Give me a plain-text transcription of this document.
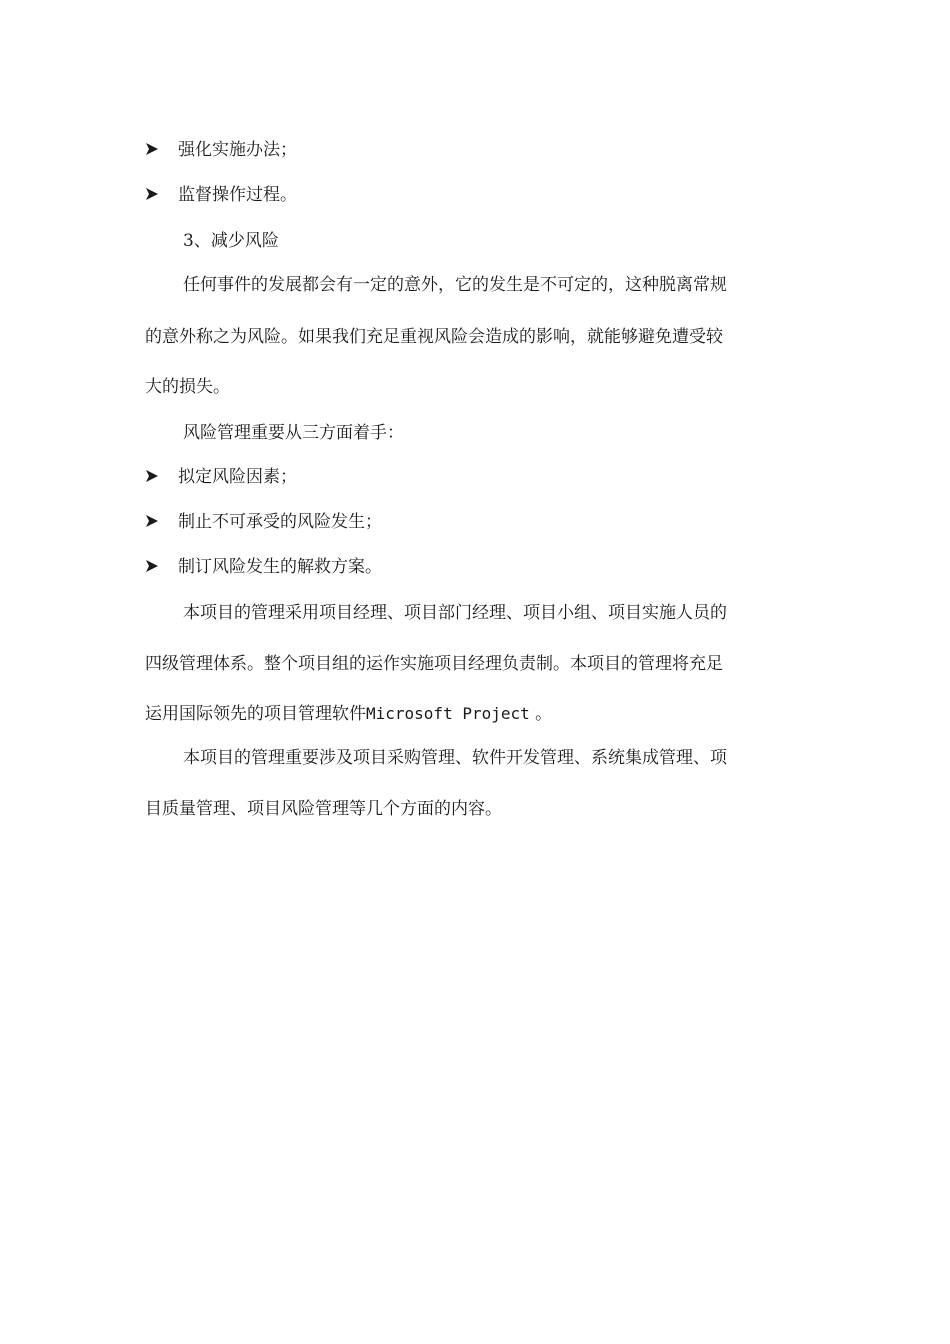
强化实施办法；
监督操作过程。
3、减少风险
任何事件的发展都会有一定的意外，它的发生是不可定的，这种脱离常规
的意外称之为风险。如果我们充足重视风险会造成的影响，就能够避免遭受较
大的损失。
风险管理重要从三方面着手：
拟定风险因素；
制止不可承受的风险发生；
制订风险发生的解救方案。
本项目的管理采用项目经理、项目部门经理、项目小组、项目实施人员的
四级管理体系。整个项目组的运作实施项目经理负责制。本项目的管理将充足
运用国际领先的项目管理软件Microsoft Project 。
本项目的管理重要涉及项目采购管理、软件开发管理、系统集成管理、项
目质量管理、项目风险管理等几个方面的内容。
